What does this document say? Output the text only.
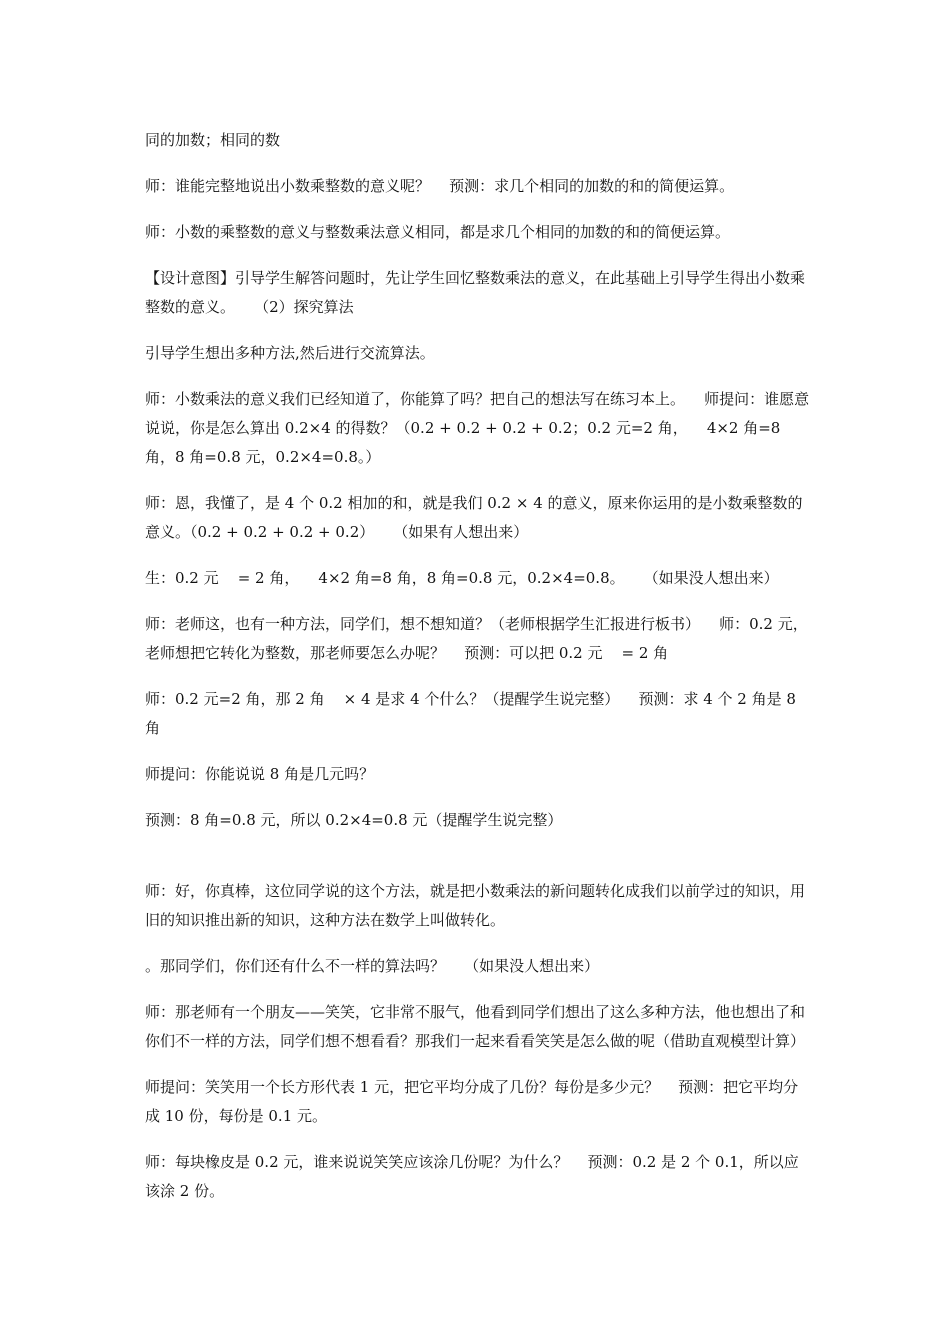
同的加数；相同的数

师：谁能完整地说出小数乘整数的意义呢？    预测：求几个相同的加数的和的简便运算。

师：小数的乘整数的意义与整数乘法意义相同，都是求几个相同的加数的和的简便运算。

【设计意图】引导学生解答问题时，先让学生回忆整数乘法的意义，在此基础上引导学生得出小数乘整数的意义。    （2）探究算法

引导学生想出多种方法,然后进行交流算法。

师：小数乘法的意义我们已经知道了，你能算了吗？把自己的想法写在练习本上。    师提问：谁愿意说说，你是怎么算出 0.2×4 的得数？（0.2 + 0.2 + 0.2 + 0.2；0.2 元=2 角，    4×2 角=8 角，8 角=0.8 元，0.2×4=0.8。）

师：恩，我懂了，是 4 个 0.2 相加的和，就是我们 0.2 × 4 的意义，原来你运用的是小数乘整数的意义。（0.2 + 0.2 + 0.2 + 0.2）    （如果有人想出来）

生：0.2 元    = 2 角，    4×2 角=8 角，8 角=0.8 元，0.2×4=0.8。    （如果没人想出来）

师：老师这，也有一种方法，同学们，想不想知道？（老师根据学生汇报进行板书）    师：0.2 元，老师想把它转化为整数，那老师要怎么办呢？    预测：可以把 0.2 元    = 2 角

师：0.2 元=2 角，那 2 角    × 4 是求 4 个什么？（提醒学生说完整）    预测：求 4 个 2 角是 8 角

师提问：你能说说 8 角是几元吗？

预测：8 角=0.8 元，所以 0.2×4=0.8 元（提醒学生说完整）

师：好，你真棒，这位同学说的这个方法，就是把小数乘法的新问题转化成我们以前学过的知识，用旧的知识推出新的知识，这种方法在数学上叫做转化。

。那同学们，你们还有什么不一样的算法吗？    （如果没人想出来）

师：那老师有一个朋友——笑笑，它非常不服气，他看到同学们想出了这么多种方法，他也想出了和你们不一样的方法，同学们想不想看看？那我们一起来看看笑笑是怎么做的呢（借助直观模型计算）

师提问：笑笑用一个长方形代表 1 元，把它平均分成了几份？每份是多少元？    预测：把它平均分成 10 份，每份是 0.1 元。

师：每块橡皮是 0.2 元，谁来说说笑笑应该涂几份呢？为什么？    预测：0.2 是 2 个 0.1，所以应该涂 2 份。
